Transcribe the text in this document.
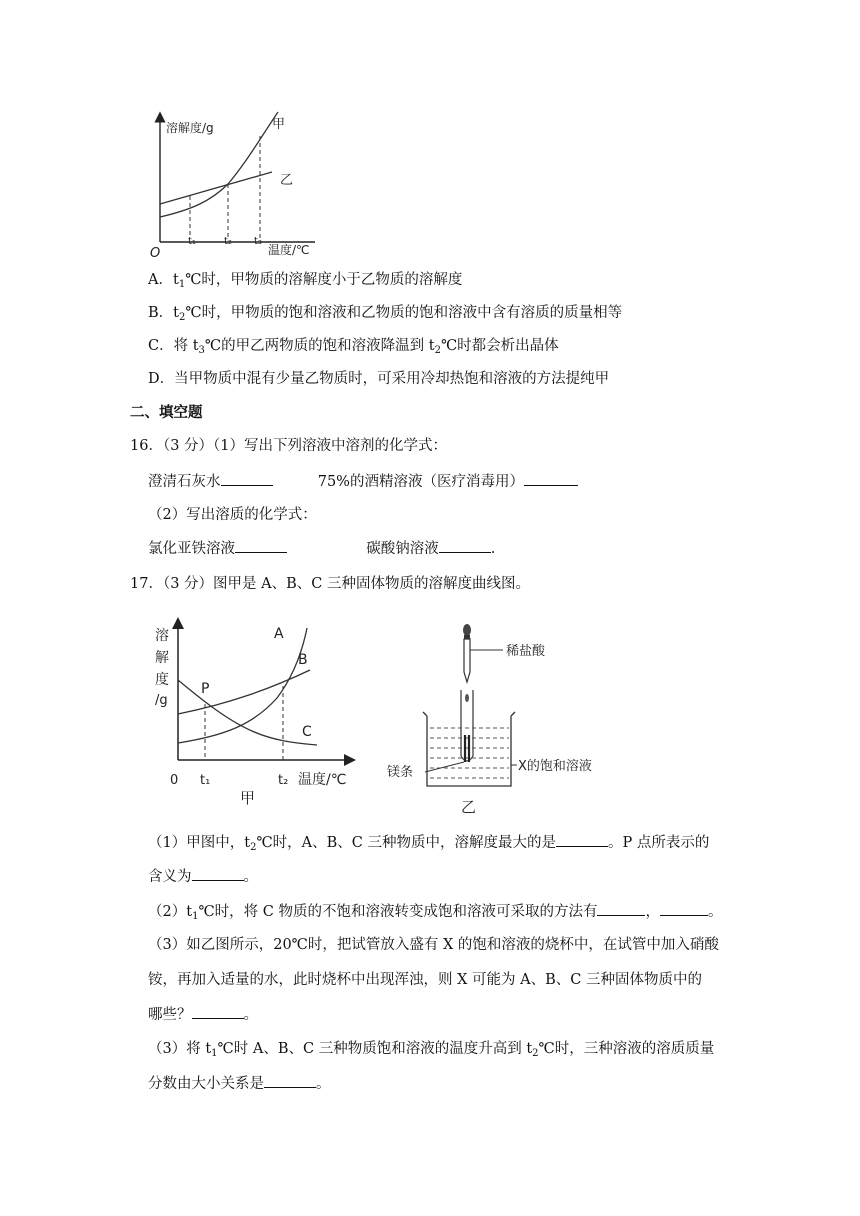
溶解度/g	甲
乙
O
t₁	t₂ t₃
温度/℃
A．$t_1℃$时，甲物质的溶解度小于乙物质的溶解度
B．$t_2℃$时，甲物质的饱和溶液和乙物质的饱和溶液中含有溶质的质量相等
C．将 $t_3℃$的甲乙两物质的饱和溶液降温到 $t_2℃$时都会析出晶体
D．当甲物质中混有少量乙物质时，可采用冷却热饱和溶液的方法提纯甲
二、填空题
16．（3 分）（1）写出下列溶液中溶剂的化学式：
澄清石灰水	75%的酒精溶液（医疗消毒用）
（2）写出溶质的化学式：
氯化亚铁溶液	碳酸钠溶液	.
17．（3 分）图甲是 A、B、C 三种固体物质的溶解度曲线图。
溶
解
度
/g
A
B
C
P
0 t₁	t₂ 温度/℃
甲
稀盐酸
镁条	X的饱和溶液
乙
（1）甲图中，$t_2℃$时，A、B、C 三种物质中，溶解度最大的是	。P 点所表示的
含义为	。
$(2)t_1℃$时，将 C 物质的不饱和溶液转变成饱和溶液可采取的方法有	，	。
（3）如乙图所示，20℃时，把试管放入盛有 X 的饱和溶液的烧杯中，在试管中加入硝酸
铵，再加入适量的水，此时烧杯中出现浑浊，则 X 可能为 A、B、C 三种固体物质中的
哪些？	。
（3）将 $t_1℃$时 A、B、C 三种物质饱和溶液的温度升高到 $t_2℃$时，三种溶液的溶质质量
分数由大小关系是	。
